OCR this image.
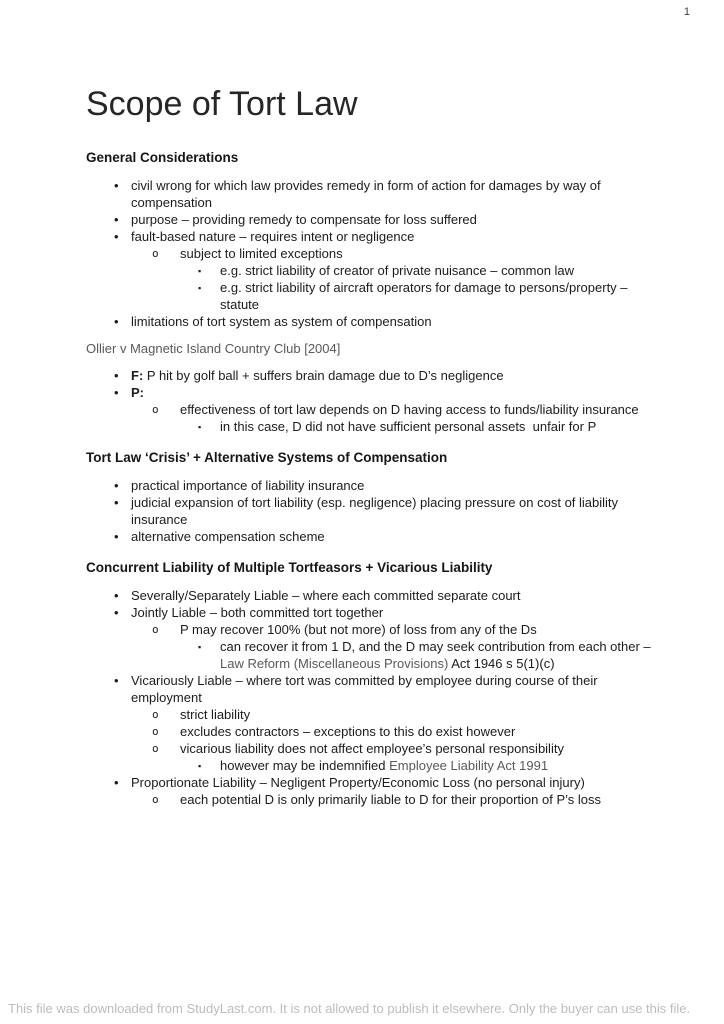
1
Scope of Tort Law
General Considerations
• civil wrong for which law provides remedy in form of action for damages by way of compensation
• purpose – providing remedy to compensate for loss suffered
• fault-based nature – requires intent or negligence
o subject to limited exceptions
▪ e.g. strict liability of creator of private nuisance – common law
▪ e.g. strict liability of aircraft operators for damage to persons/property – statute
• limitations of tort system as system of compensation
Ollier v Magnetic Island Country Club [2004]
• F: P hit by golf ball + suffers brain damage due to D’s negligence
• P:
o effectiveness of tort law depends on D having access to funds/liability insurance
▪ in this case, D did not have sufficient personal assets  unfair for P
Tort Law ‘Crisis’ + Alternative Systems of Compensation
• practical importance of liability insurance
• judicial expansion of tort liability (esp. negligence) placing pressure on cost of liability insurance
• alternative compensation scheme
Concurrent Liability of Multiple Tortfeasors + Vicarious Liability
• Severally/Separately Liable – where each committed separate court
• Jointly Liable – both committed tort together
o P may recover 100% (but not more) of loss from any of the Ds
▪ can recover it from 1 D, and the D may seek contribution from each other – Law Reform (Miscellaneous Provisions) Act 1946 s 5(1)(c)
• Vicariously Liable – where tort was committed by employee during course of their employment
o strict liability
o excludes contractors – exceptions to this do exist however
o vicarious liability does not affect employee’s personal responsibility
▪ however may be indemnified Employee Liability Act 1991
• Proportionate Liability – Negligent Property/Economic Loss (no personal injury)
o each potential D is only primarily liable to D for their proportion of P’s loss
This file was downloaded from StudyLast.com. It is not allowed to publish it elsewhere. Only the buyer can use this file.
